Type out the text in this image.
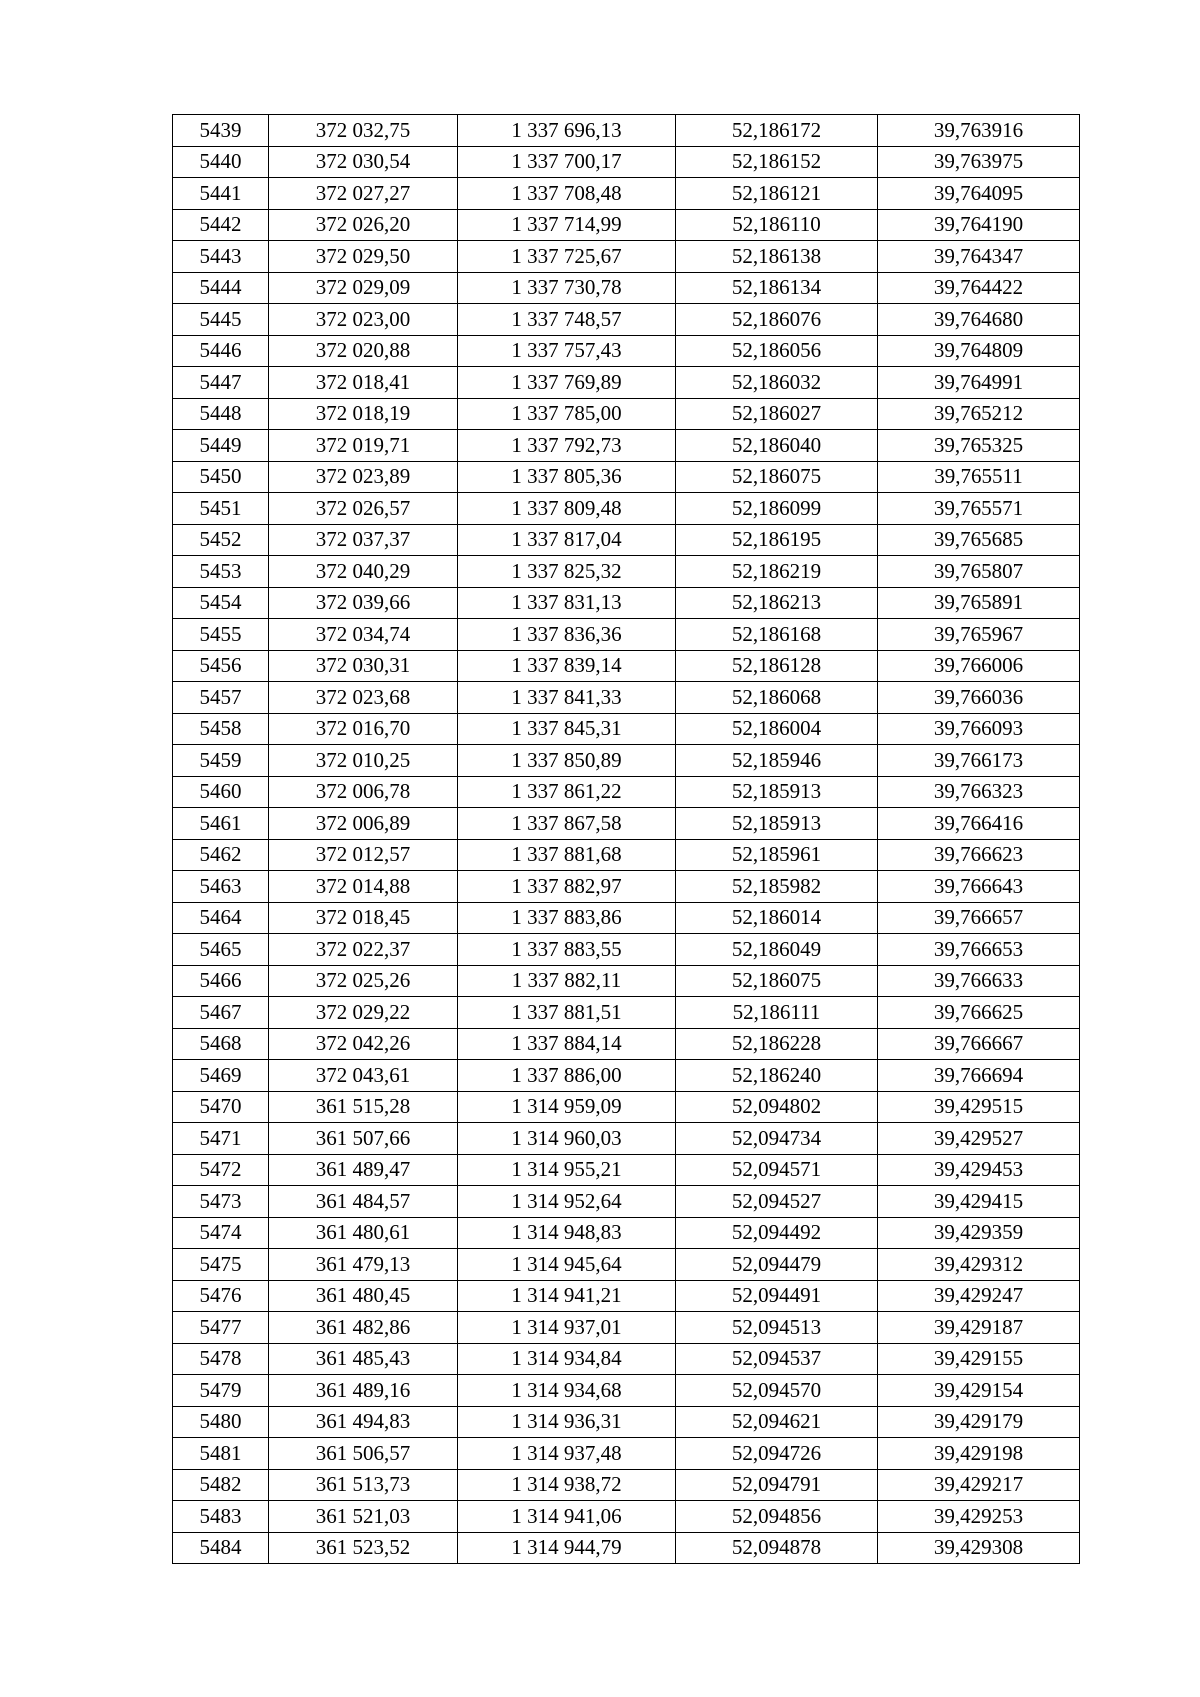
5439	372 032,75	1 337 696,13	52,186172	39,763916
5440	372 030,54	1 337 700,17	52,186152	39,763975
5441	372 027,27	1 337 708,48	52,186121	39,764095
5442	372 026,20	1 337 714,99	52,186110	39,764190
5443	372 029,50	1 337 725,67	52,186138	39,764347
5444	372 029,09	1 337 730,78	52,186134	39,764422
5445	372 023,00	1 337 748,57	52,186076	39,764680
5446	372 020,88	1 337 757,43	52,186056	39,764809
5447	372 018,41	1 337 769,89	52,186032	39,764991
5448	372 018,19	1 337 785,00	52,186027	39,765212
5449	372 019,71	1 337 792,73	52,186040	39,765325
5450	372 023,89	1 337 805,36	52,186075	39,765511
5451	372 026,57	1 337 809,48	52,186099	39,765571
5452	372 037,37	1 337 817,04	52,186195	39,765685
5453	372 040,29	1 337 825,32	52,186219	39,765807
5454	372 039,66	1 337 831,13	52,186213	39,765891
5455	372 034,74	1 337 836,36	52,186168	39,765967
5456	372 030,31	1 337 839,14	52,186128	39,766006
5457	372 023,68	1 337 841,33	52,186068	39,766036
5458	372 016,70	1 337 845,31	52,186004	39,766093
5459	372 010,25	1 337 850,89	52,185946	39,766173
5460	372 006,78	1 337 861,22	52,185913	39,766323
5461	372 006,89	1 337 867,58	52,185913	39,766416
5462	372 012,57	1 337 881,68	52,185961	39,766623
5463	372 014,88	1 337 882,97	52,185982	39,766643
5464	372 018,45	1 337 883,86	52,186014	39,766657
5465	372 022,37	1 337 883,55	52,186049	39,766653
5466	372 025,26	1 337 882,11	52,186075	39,766633
5467	372 029,22	1 337 881,51	52,186111	39,766625
5468	372 042,26	1 337 884,14	52,186228	39,766667
5469	372 043,61	1 337 886,00	52,186240	39,766694
5470	361 515,28	1 314 959,09	52,094802	39,429515
5471	361 507,66	1 314 960,03	52,094734	39,429527
5472	361 489,47	1 314 955,21	52,094571	39,429453
5473	361 484,57	1 314 952,64	52,094527	39,429415
5474	361 480,61	1 314 948,83	52,094492	39,429359
5475	361 479,13	1 314 945,64	52,094479	39,429312
5476	361 480,45	1 314 941,21	52,094491	39,429247
5477	361 482,86	1 314 937,01	52,094513	39,429187
5478	361 485,43	1 314 934,84	52,094537	39,429155
5479	361 489,16	1 314 934,68	52,094570	39,429154
5480	361 494,83	1 314 936,31	52,094621	39,429179
5481	361 506,57	1 314 937,48	52,094726	39,429198
5482	361 513,73	1 314 938,72	52,094791	39,429217
5483	361 521,03	1 314 941,06	52,094856	39,429253
5484	361 523,52	1 314 944,79	52,094878	39,429308
